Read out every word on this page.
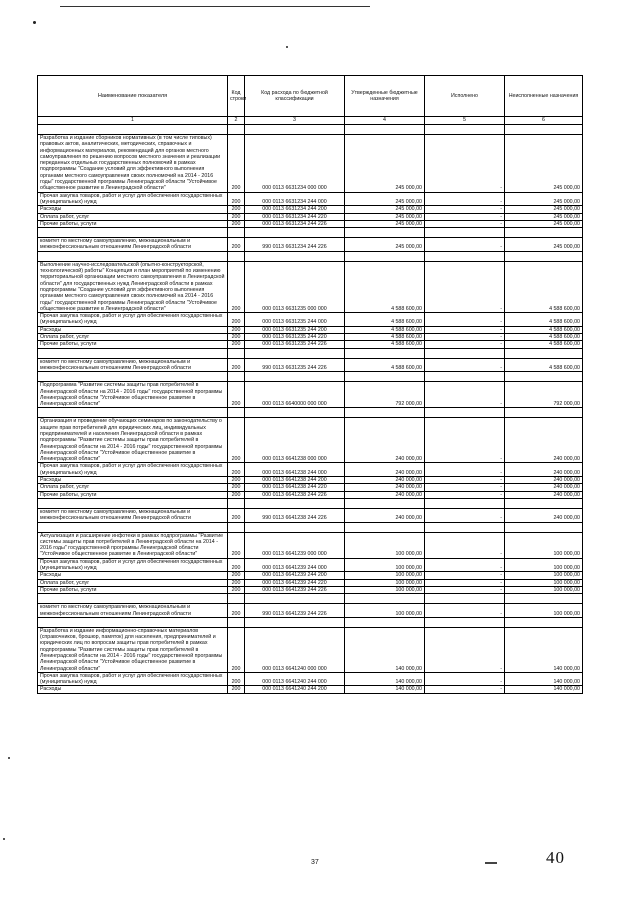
Наименование показателя	Код строки	Код расхода по бюджетной классификации	Утвержденные бюджетные назначения	Исполнено	Неисполненные назначения
1	2	3	4	5	6

Разработка и издание сборников нормативных (в том числе типовых) правовых актов, аналитических, методических, справочных и информационных материалов, рекомендаций для органов местного самоуправления по решению вопросов местного значения и реализации переданных отдельных государственных полномочий в рамках подпрограммы "Создание условий для эффективного выполнения органами местного самоуправления своих полномочий на 2014 - 2016 годы" государственной программы Ленинградской области "Устойчивое общественное развитие в Ленинградской области"	200	000 0113 6631234 000 000	245 000,00	-	245 000,00
Прочая закупка товаров, работ и услуг для обеспечения государственных (муниципальных) нужд	200	000 0113 6631234 244 000	245 000,00	-	245 000,00
Расходы	200	000 0113 6631234 244 200	245 000,00	-	245 000,00
Оплата работ, услуг	200	000 0113 6631234 244 220	245 000,00	-	245 000,00
Прочие работы, услуги	200	000 0113 6631234 244 226	245 000,00	-	245 000,00

комитет по местному самоуправлению, межнациональным и межконфессиональным отношениям Ленинградской области	200	990 0113 6631234 244 226	245 000,00	-	245 000,00

Выполнение научно-исследовательской (опытно-конструкторской, технологической) работы" Концепция и план мероприятий по изменению территориальной организации местного самоуправления в Ленинградской области" для государственных нужд Ленинградской области в рамках подпрограммы "Создание условий для эффективного выполнения органами местного самоуправления своих полномочий на 2014 - 2016 годы" государственной программы Ленинградской области "Устойчивое общественное развитие в Ленинградской области"	200	000 0113 6631235 000 000	4 588 600,00	-	4 588 600,00
Прочая закупка товаров, работ и услуг для обеспечения государственных (муниципальных) нужд	200	000 0113 6631235 244 000	4 588 600,00	-	4 588 600,00
Расходы	200	000 0113 6631235 244 200	4 588 600,00	-	4 588 600,00
Оплата работ, услуг	200	000 0113 6631235 244 220	4 588 600,00	-	4 588 600,00
Прочие работы, услуги	200	000 0113 6631235 244 226	4 588 600,00	-	4 588 600,00

комитет по местному самоуправлению, межнациональным и межконфессиональным отношениям Ленинградской области	200	990 0113 6631235 244 226	4 588 600,00	-	4 588 600,00

Подпрограмма "Развитие системы защиты прав потребителей в Ленинградской области на 2014 - 2016 годы" государственной программы Ленинградской области "Устойчивое общественное развитие в Ленинградской области"	200	000 0113 6640000 000 000	792 000,00	-	792 000,00

Организация и проведение обучающих семинаров по законодательству о защите прав потребителей для юридических лиц, индивидуальных предпринимателей и населения Ленинградской области в рамках подпрограммы "Развитие системы защиты прав потребителей в Ленинградской области на 2014 - 2016 годы" государственной программы Ленинградской области "Устойчивое общественное развитие в Ленинградской области"	200	000 0113 6641238 000 000	240 000,00	-	240 000,00
Прочая закупка товаров, работ и услуг для обеспечения государственных (муниципальных) нужд	200	000 0113 6641238 244 000	240 000,00	-	240 000,00
Расходы	200	000 0113 6641238 244 200	240 000,00	-	240 000,00
Оплата работ, услуг	200	000 0113 6641238 244 220	240 000,00	-	240 000,00
Прочие работы, услуги	200	000 0113 6641238 244 226	240 000,00	-	240 000,00

комитет по местному самоуправлению, межнациональным и межконфессиональным отношениям Ленинградской области	200	990 0113 6641238 244 226	240 000,00	-	240 000,00

Актуализация и расширение инфотеки в рамках подпрограммы "Развитие системы защиты прав потребителей в Ленинградской области на 2014 - 2016 годы" государственной программы Ленинградской области "Устойчивое общественное развитие в Ленинградской области"	200	000 0113 6641239 000 000	100 000,00	-	100 000,00
Прочая закупка товаров, работ и услуг для обеспечения государственных (муниципальных) нужд	200	000 0113 6641239 244 000	100 000,00	-	100 000,00
Расходы	200	000 0113 6641239 244 200	100 000,00	-	100 000,00
Оплата работ, услуг	200	000 0113 6641239 244 220	100 000,00	-	100 000,00
Прочие работы, услуги	200	000 0113 6641239 244 226	100 000,00	-	100 000,00

комитет по местному самоуправлению, межнациональным и межконфессиональным отношениям Ленинградской области	200	990 0113 6641239 244 226	100 000,00	-	100 000,00

Разработка и издание информационно-справочных материалов (справочников, брошюр, памяток) для населения, предпринимателей и юридических лиц по вопросам защиты прав потребителей в рамках подпрограммы "Развитие системы защиты прав потребителей в Ленинградской области на 2014 - 2016 годы" государственной программы Ленинградской области "Устойчивое общественное развитие в Ленинградской области"	200	000 0113 6641240 000 000	140 000,00	-	140 000,00
Прочая закупка товаров, работ и услуг для обеспечения государственных (муниципальных) нужд	200	000 0113 6641240 244 000	140 000,00	-	140 000,00
Расходы	200	000 0113 6641240 244 200	140 000,00	-	140 000,00
37	40
